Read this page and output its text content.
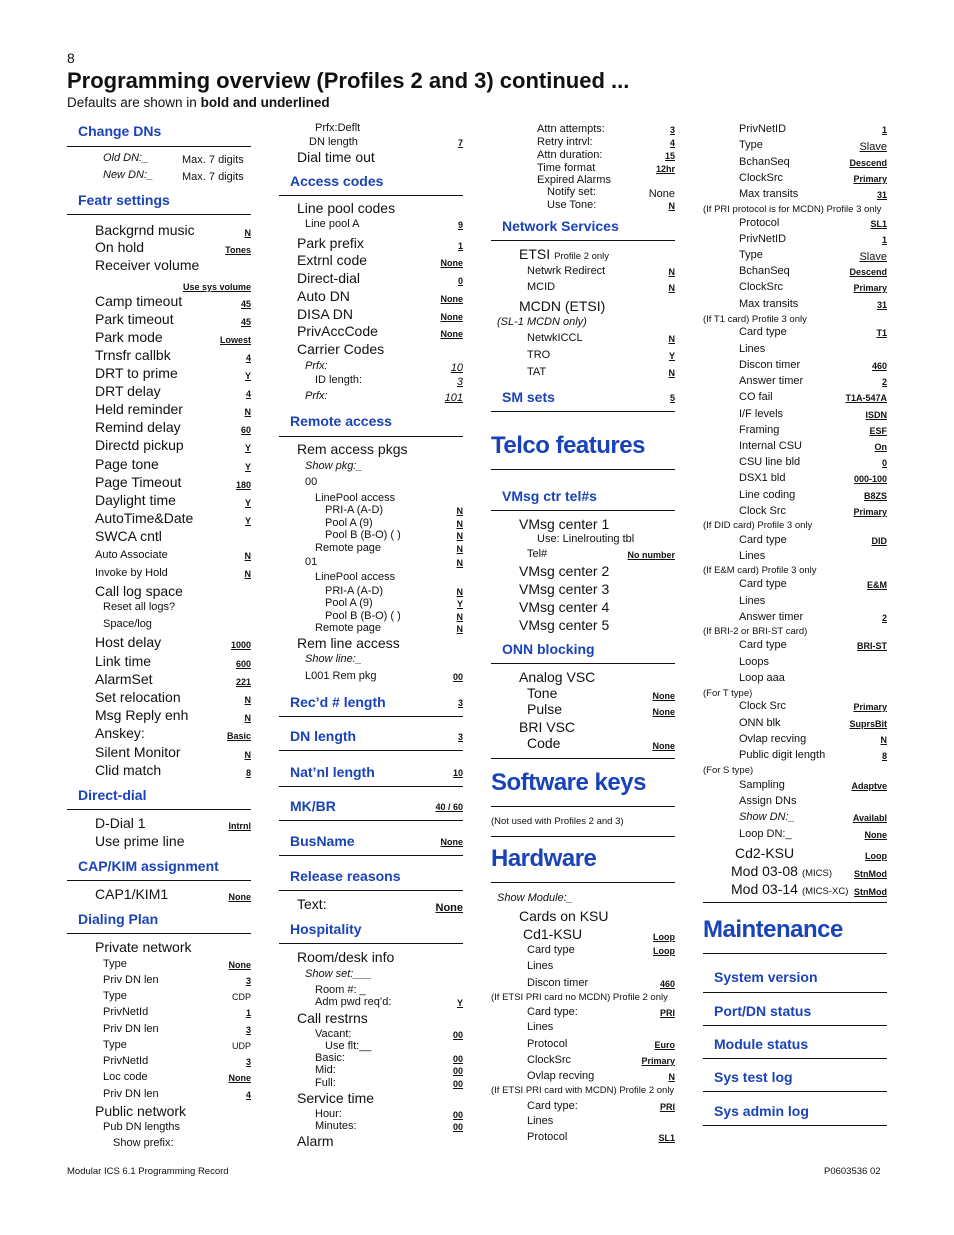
8
Programming overview (Profiles 2 and 3) continued ...
Defaults are shown in bold and underlined
Change DNs
Old DN:_	Max. 7 digits
New DN:_	Max. 7 digits
Featr settings
Backgrnd music	N
On hold	Tones
Receiver volume
Use sys volume
Camp timeout	45
Park timeout	45
Park mode	Lowest
Trnsfr callbk	4
DRT to prime	Y
DRT delay	4
Held reminder	N
Remind delay	60
Directd pickup	Y
Page tone	Y
Page Timeout	180
Daylight time	Y
AutoTime&Date	Y
SWCA cntl
Auto Associate	N
Invoke by Hold	N
Call log space
Reset all logs?
Space/log
Host delay	1000
Link time	600
AlarmSet	221
Set relocation	N
Msg Reply enh	N
Anskey:	Basic
Silent Monitor	N
Clid match	8
Direct-dial
D-Dial 1	Intrnl
Use prime line
CAP/KIM assignment
CAP1/KIM1	None
Dialing Plan
Private network
Type	None
Priv DN len	3
Type	CDP
PrivNetId	1
Priv DN len	3
Type	UDP
PrivNetId	3
Loc code	None
Priv DN len	4
Public network
Pub DN lengths
Show prefix:
Prfx:Deflt
DN length	7
Dial time out
Access codes
Line pool codes
Line pool A	9
Park prefix	1
Extrnl code	None
Direct-dial	0
Auto DN	None
DISA DN	None
PrivAccCode	None
Carrier Codes
Prfx:	10
ID length:	3
Prfx:	101
Remote access
Rem access pkgs
Show pkg:_
00
LinePool access
PRI-A (A-D)	N
Pool A (9)	N
Pool B (B-O) ( )	N
Remote page	N
01	N
LinePool access
PRI-A (A-D)	N
Pool A (9)	Y
Pool B (B-O) ( )	N
Remote page	N
Rem line access
Show line:_
L001 Rem pkg	00
Rec’d # length	3
DN length	3
Nat’nl length	10
MK/BR	40 / 60
BusName	None
Release reasons
Text:	None
Hospitality
Room/desk info
Show set:___
Room #: _
Adm pwd req’d:	Y
Call restrns
Vacant:	00
Use flt:__
Basic:	00
Mid:	00
Full:	00
Service time
Hour:	00
Minutes:	00
Alarm
Attn attempts:	3
Retry intrvl:	4
Attn duration:	15
Time format	12hr
Expired Alarms
Notify set:	None
Use Tone:	N
Network Services
ETSI Profile 2 only
Netwrk Redirect	N
MCID	N
MCDN (ETSI)
(SL-1 MCDN only)
NetwkICCL	N
TRO	Y
TAT	N
SM sets	5
Telco features
VMsg ctr tel#s
VMsg center 1
Use: Linelrouting tbl
Tel#	No number
VMsg center 2
VMsg center 3
VMsg center 4
VMsg center 5
ONN blocking
Analog VSC
Tone	None
Pulse	None
BRI VSC
Code	None
Software keys
(Not used with Profiles 2 and 3)
Hardware
Show Module:_
Cards on KSU
Cd1-KSU	Loop
Card type	Loop
Lines
Discon timer	460
(If ETSI PRI card no MCDN) Profile 2 only
Card type:	PRI
Lines
Protocol	Euro
ClockSrc	Primary
Ovlap recving	N
(If ETSI PRI card with MCDN) Profile 2 only
Card type:	PRI
Lines
Protocol	SL1
PrivNetID	1
Type	Slave
BchanSeq	Descend
ClockSrc	Primary
Max transits	31
(If PRI protocol is for MCDN) Profile 3 only
Protocol	SL1
PrivNetID	1
Type	Slave
BchanSeq	Descend
ClockSrc	Primary
Max transits	31
(If T1 card) Profile 3 only
Card type	T1
Lines
Discon timer	460
Answer timer	2
CO fail	T1A-547A
I/F levels	ISDN
Framing	ESF
Internal CSU	On
CSU line bld	0
DSX1 bld	000-100
Line coding	B8ZS
Clock Src	Primary
(If DID card) Profile 3 only
Card type	DID
Lines
(If E&M card) Profile 3 only
Card type	E&M
Lines
Answer timer	2
(If BRI-2 or BRI-ST card)
Card type	BRI-ST
Loops
Loop aaa
(For T type)
Clock Src	Primary
ONN blk	SuprsBit
Ovlap recving	N
Public digit length	8
(For S type)
Sampling	Adaptve
Assign DNs
Show DN:_	Availabl
Loop DN:_	None
Cd2-KSU	Loop
Mod 03-08 (MICS) StnMod
Mod 03-14 (MICS-XC) StnMod
Maintenance
System version
Port/DN status
Module status
Sys test log
Sys admin log
Modular ICS 6.1 Programming Record	P0603536 02
